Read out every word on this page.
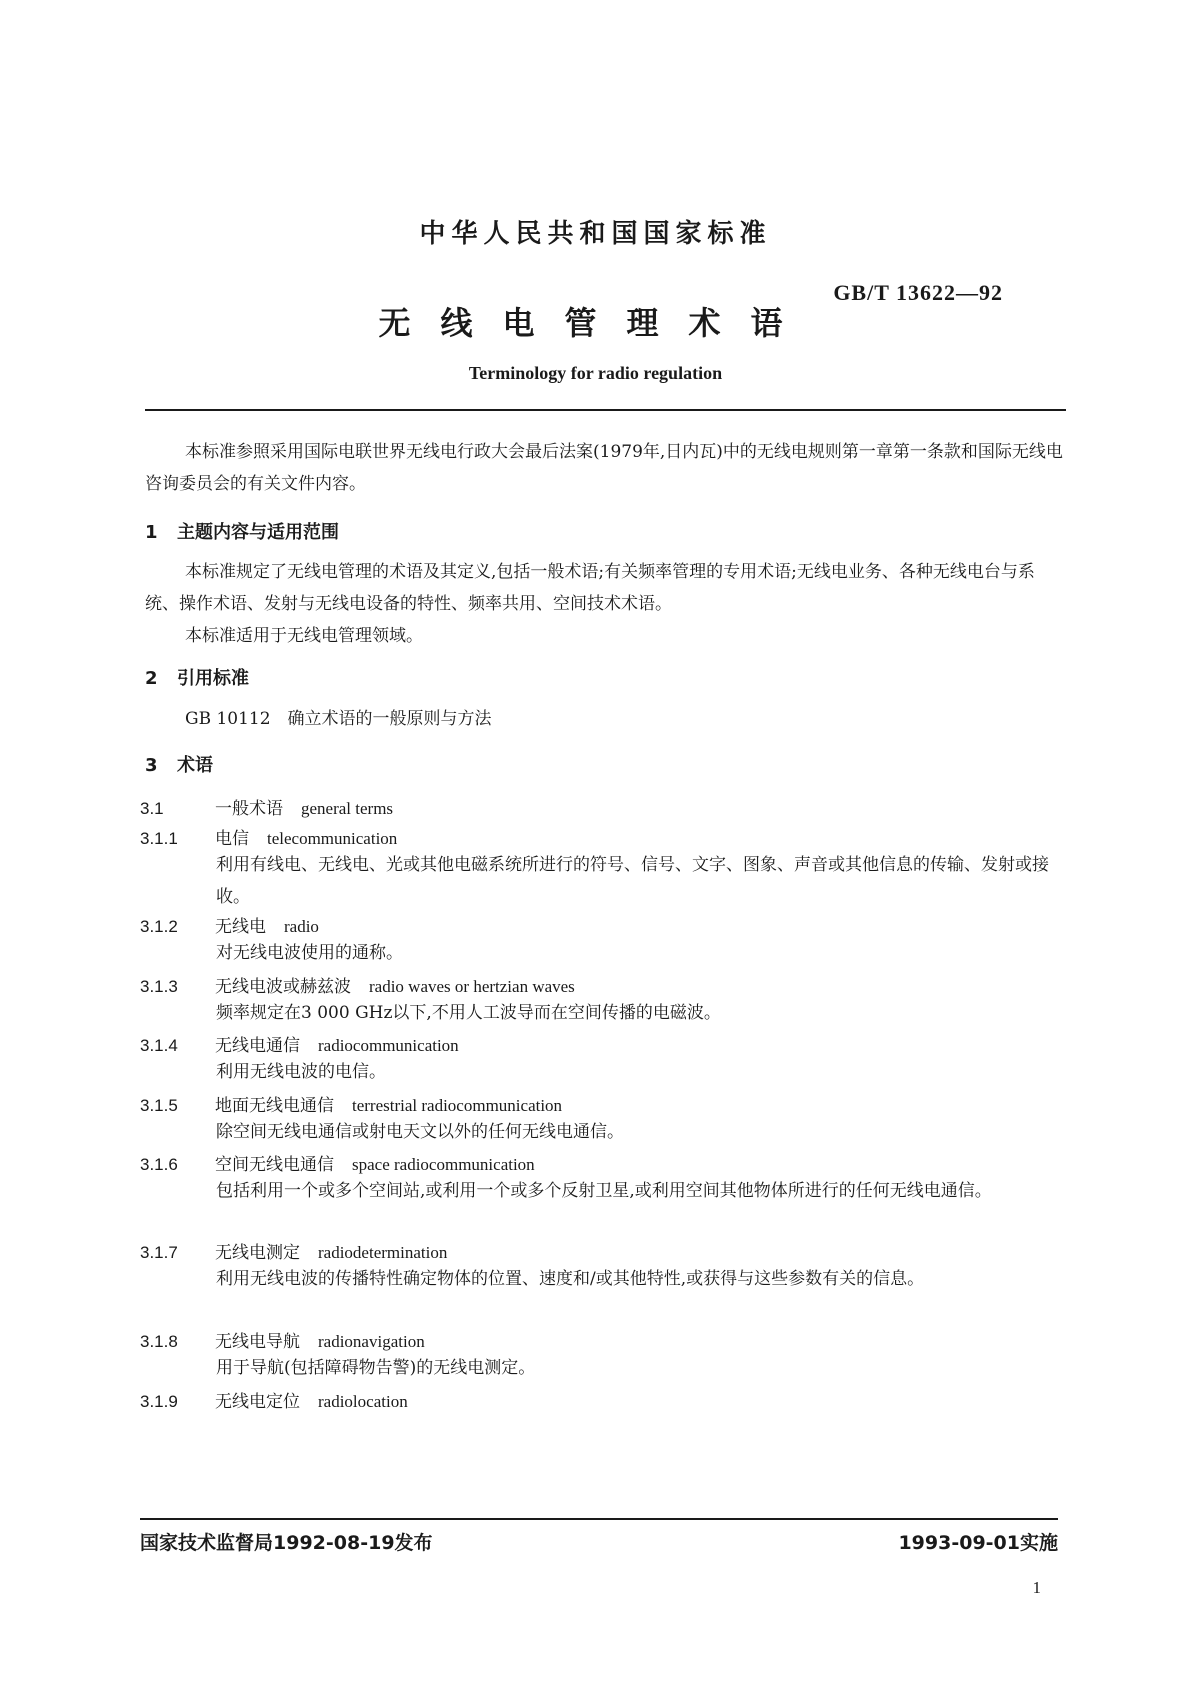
中华人民共和国国家标准
GB/T 13622—92
无线电管理术语
Terminology for radio regulation
本标准参照采用国际电联世界无线电行政大会最后法案(1979年,日内瓦)中的无线电规则第一章第一条款和国际无线电咨询委员会的有关文件内容。
1 主题内容与适用范围
本标准规定了无线电管理的术语及其定义,包括一般术语;有关频率管理的专用术语;无线电业务、各种无线电台与系统、操作术语、发射与无线电设备的特性、频率共用、空间技术术语。
本标准适用于无线电管理领域。
2 引用标准
GB 10112　确立术语的一般原则与方法
3 术语
3.1	一般术语 general terms
3.1.1 电信 telecommunication
利用有线电、无线电、光或其他电磁系统所进行的符号、信号、文字、图象、声音或其他信息的传输、发射或接收。
3.1.2 无线电 radio
对无线电波使用的通称。
3.1.3 无线电波或赫兹波 radio waves or hertzian waves
频率规定在3 000 GHz以下,不用人工波导而在空间传播的电磁波。
3.1.4 无线电通信 radiocommunication
利用无线电波的电信。
3.1.5 地面无线电通信 terrestrial radiocommunication
除空间无线电通信或射电天文以外的任何无线电通信。
3.1.6 空间无线电通信 space radiocommunication
包括利用一个或多个空间站,或利用一个或多个反射卫星,或利用空间其他物体所进行的任何无线电通信。
3.1.7 无线电测定 radiodetermination
利用无线电波的传播特性确定物体的位置、速度和/或其他特性,或获得与这些参数有关的信息。
3.1.8 无线电导航 radionavigation
用于导航(包括障碍物告警)的无线电测定。
3.1.9 无线电定位 radiolocation
国家技术监督局1992-08-19发布	1993-09-01实施
1
